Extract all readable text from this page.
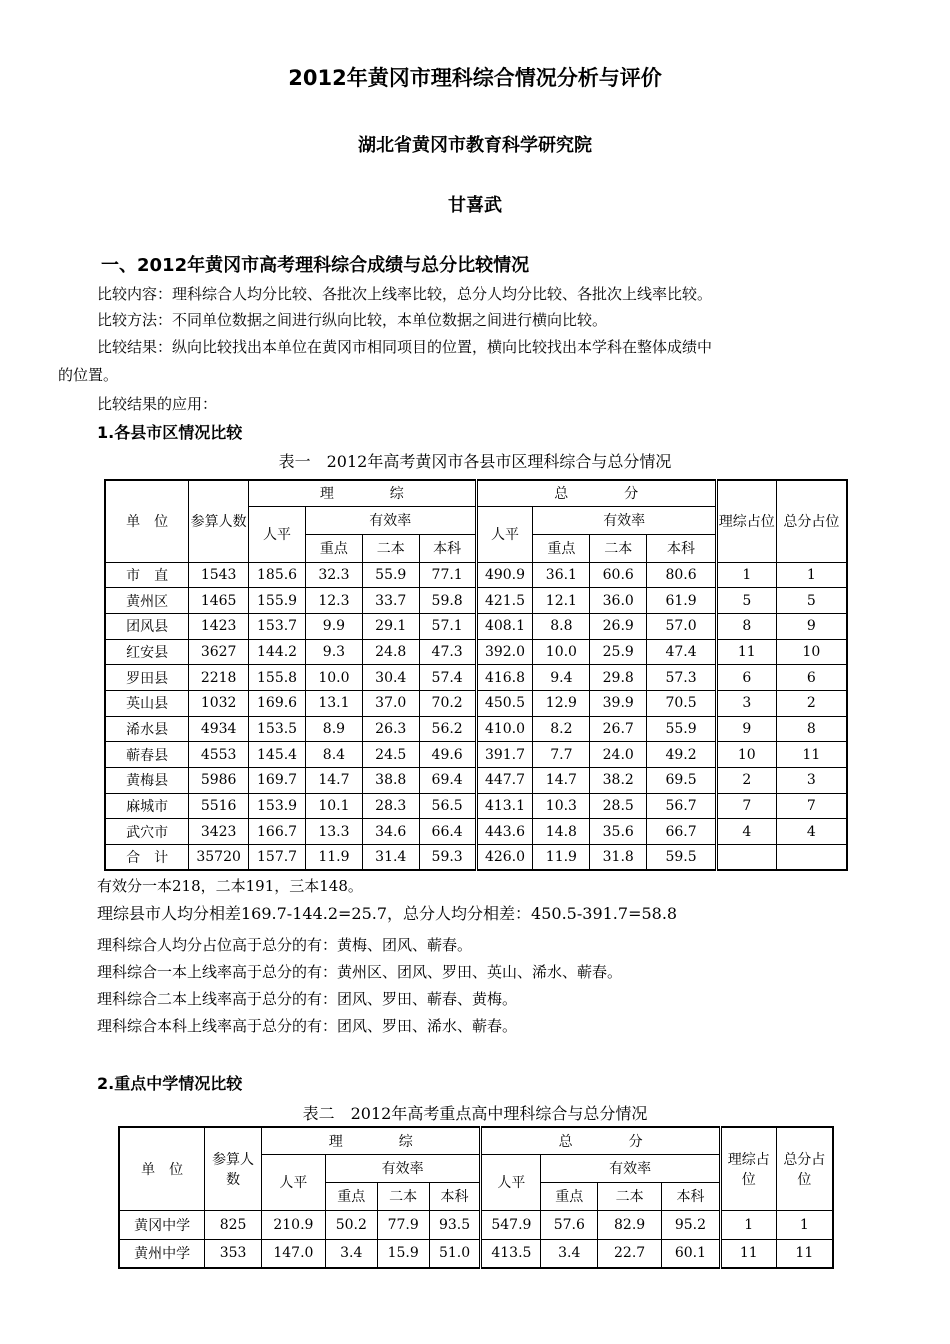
2012年黄冈市理科综合情况分析与评价
湖北省黄冈市教育科学研究院
甘喜武
一、2012年黄冈市高考理科综合成绩与总分比较情况
比较内容：理科综合人均分比较、各批次上线率比较，总分人均分比较、各批次上线率比较。
比较方法：不同单位数据之间进行纵向比较，本单位数据之间进行横向比较。
比较结果：纵向比较找出本单位在黄冈市相同项目的位置，横向比较找出本学科在整体成绩中
的位置。
比较结果的应用：
1.各县市区情况比较
表一　2012年高考黄冈市各县市区理科综合与总分情况
单　位	参算人数	理　　　　综				总　　　　分				理综占位	总分占位
		人平	有效率			人平	有效率				
			重点	二本	本科		重点	二本	本科		
市　直	1543	185.6	32.3	55.9	77.1	490.9	36.1	60.6	80.6	1	1
黄州区	1465	155.9	12.3	33.7	59.8	421.5	12.1	36.0	61.9	5	5
团风县	1423	153.7	9.9	29.1	57.1	408.1	8.8	26.9	57.0	8	9
红安县	3627	144.2	9.3	24.8	47.3	392.0	10.0	25.9	47.4	11	10
罗田县	2218	155.8	10.0	30.4	57.4	416.8	9.4	29.8	57.3	6	6
英山县	1032	169.6	13.1	37.0	70.2	450.5	12.9	39.9	70.5	3	2
浠水县	4934	153.5	8.9	26.3	56.2	410.0	8.2	26.7	55.9	9	8
蕲春县	4553	145.4	8.4	24.5	49.6	391.7	7.7	24.0	49.2	10	11
黄梅县	5986	169.7	14.7	38.8	69.4	447.7	14.7	38.2	69.5	2	3
麻城市	5516	153.9	10.1	28.3	56.5	413.1	10.3	28.5	56.7	7	7
武穴市	3423	166.7	13.3	34.6	66.4	443.6	14.8	35.6	66.7	4	4
合　计	35720	157.7	11.9	31.4	59.3	426.0	11.9	31.8	59.5		
有效分一本218，二本191，三本148。
理综县市人均分相差169.7-144.2=25.7，总分人均分相差：450.5-391.7=58.8
理科综合人均分占位高于总分的有：黄梅、团风、蕲春。
理科综合一本上线率高于总分的有：黄州区、团风、罗田、英山、浠水、蕲春。
理科综合二本上线率高于总分的有：团风、罗田、蕲春、黄梅。
理科综合本科上线率高于总分的有：团风、罗田、浠水、蕲春。
2.重点中学情况比较
表二　2012年高考重点高中理科综合与总分情况
单　位	参算人数	理　　　　综				总　　　　分				理综占位	总分占位
		人平	有效率			人平	有效率				
			重点	二本	本科		重点	二本	本科		
黄冈中学	825	210.9	50.2	77.9	93.5	547.9	57.6	82.9	95.2	1	1
黄州中学	353	147.0	3.4	15.9	51.0	413.5	3.4	22.7	60.1	11	11
